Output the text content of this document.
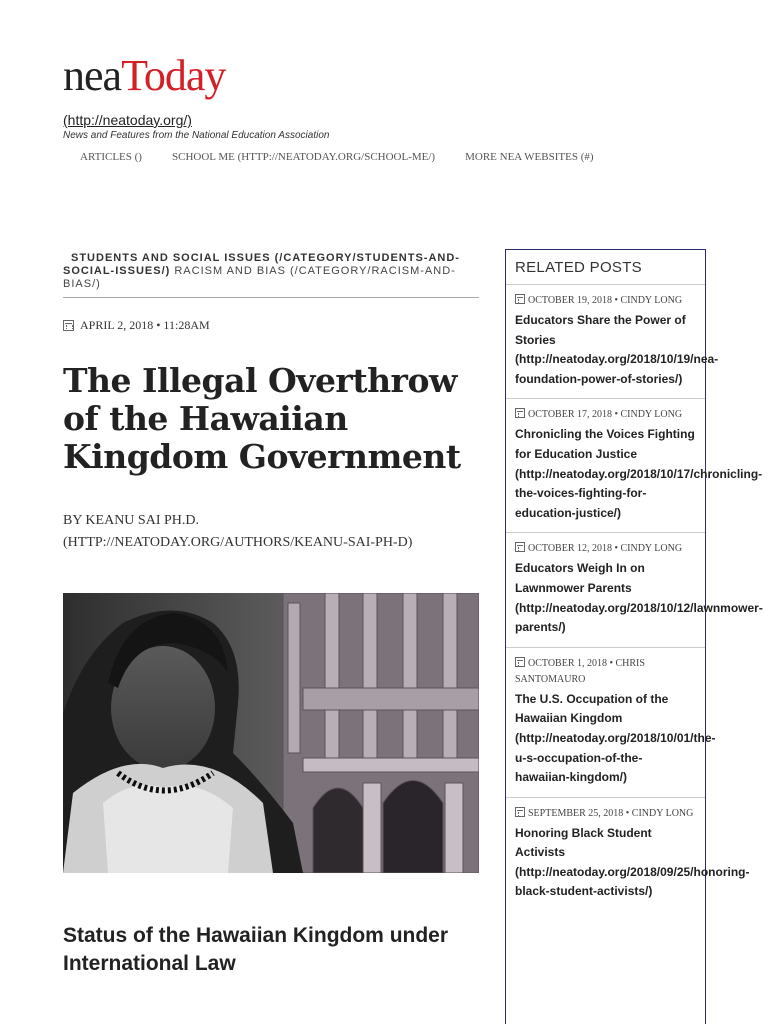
neaToday
(http://neatoday.org/)
News and Features from the National Education Association
ARTICLES ()	SCHOOL ME (HTTP://NEATODAY.ORG/SCHOOL-ME/)	MORE NEA WEBSITES (#)
STUDENTS AND SOCIAL ISSUES (/CATEGORY/STUDENTS-AND-SOCIAL-ISSUES/) RACISM AND BIAS (/CATEGORY/RACISM-AND-BIAS/)
APRIL 2, 2018 • 11:28AM
The Illegal Overthrow of the Hawaiian Kingdom Government
BY KEANU SAI PH.D. (HTTP://NEATODAY.ORG/AUTHORS/KEANU-SAI-PH-D)
Status of the Hawaiian Kingdom under International Law
RELATED POSTS
OCTOBER 19, 2018 • CINDY LONG
Educators Share the Power of Stories (http://neatoday.org/2018/10/19/nea-foundation-power-of-stories/)
OCTOBER 17, 2018 • CINDY LONG
Chronicling the Voices Fighting for Education Justice (http://neatoday.org/2018/10/17/chronicling-the-voices-fighting-for-education-justice/)
OCTOBER 12, 2018 • CINDY LONG
Educators Weigh In on Lawnmower Parents (http://neatoday.org/2018/10/12/lawnmower-parents/)
OCTOBER 1, 2018 • CHRIS SANTOMAURO
The U.S. Occupation of the Hawaiian Kingdom (http://neatoday.org/2018/10/01/the-u-s-occupation-of-the-hawaiian-kingdom/)
SEPTEMBER 25, 2018 • CINDY LONG
Honoring Black Student Activists (http://neatoday.org/2018/09/25/honoring-black-student-activists/)
